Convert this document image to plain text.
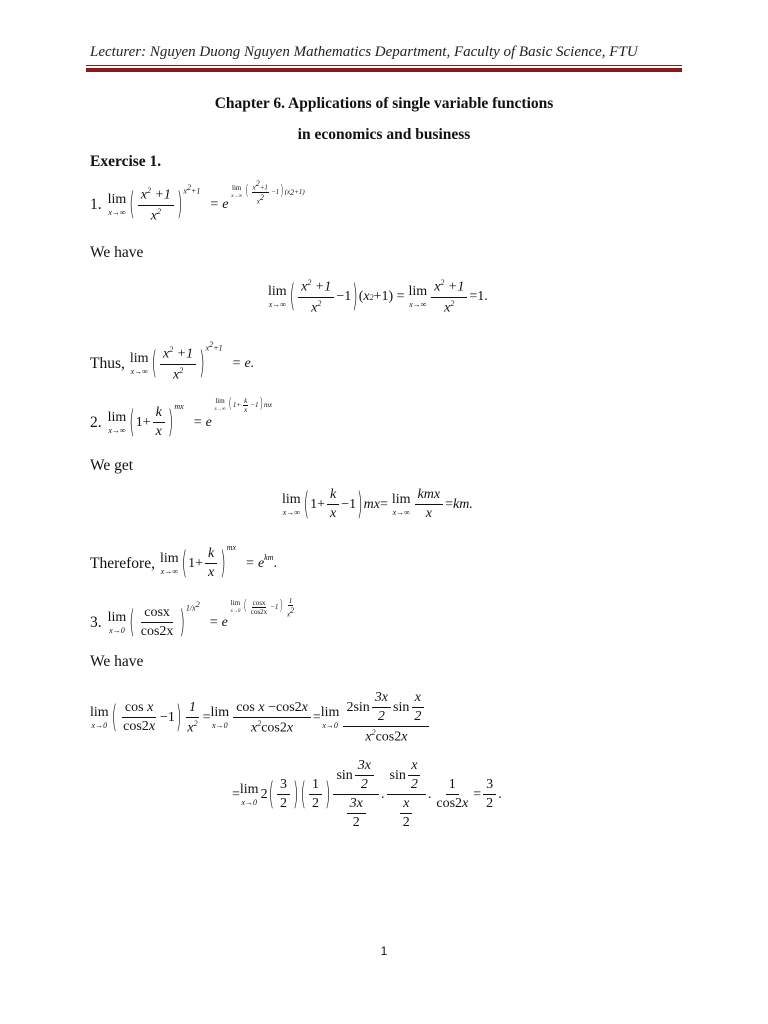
Lecturer: Nguyen Duong Nguyen Mathematics Department, Faculty of Basic Science, FTU
Chapter 6. Applications of single variable functions
in economics and business
Exercise 1.
1. lim
x→∞ ( $\frac{x^2 +1}{x^2} )^{x^2+1}$
= e
lim
x→∞ ( $\frac{x^2+1}{x^2} -1$ ) (x 2 +1)
We have
lim
x→∞ ( $\frac{x^2 +1}{x^2} -1$ ) ( x 2 +1) = lim
$x\to\infty \frac{x^2 +1}{x^2} =1$.
Thus, lim
x→∞ ( $\frac{x^2 +1}{x^2} )^{x^2+1}$
= e.
2. lim
x→∞ ( $1+ \frac{k}{x} )^{mx}$
= e
lim
x→∞ ( $1+ \frac{k}{x} -1$ ) mx
We get
lim
x→∞ ( $1+ \frac{k}{x} -1$ ) mx = lim
$x\to\infty \frac{\text{kmx}}{x}$ = km.
Therefore, lim
x→∞ ( $1+ \frac{k}{x} )^{mx}$
= $e^{km}$ .
3. lim
x→0 ( $\frac{\cos x}{\cos 2x} )^{1/x^2}$
= e
lim
x→0 ( $\frac{\cos x}{\cos 2x} -1$ ) $\frac{1}{x^2}$
We have
lim
x→0 ( $\frac{\text{cos x}}{\cos 2x} -1$ ) $\frac{1}{x^2} = \lim$
$x\to 0 \frac{\text{cos x −cos2x}}{x^2\cos 2x} = \lim$
$x\to 0 \frac{2\sin \frac{3x}{2} \sin \frac{x}{2}}{x^2\cos 2x}$
= lim
x→0
2 ( $\frac{3}{2}$ ) ( $\frac{1}{2}$ ) $\frac{\sin \frac{3x}{2}}{\frac{3x}{2}}$ . $\frac{\sin \frac{x}{2}}{\frac{x}{2}}$ . $\frac{1}{\cos 2x} = \frac{3}{2}$ .
1
